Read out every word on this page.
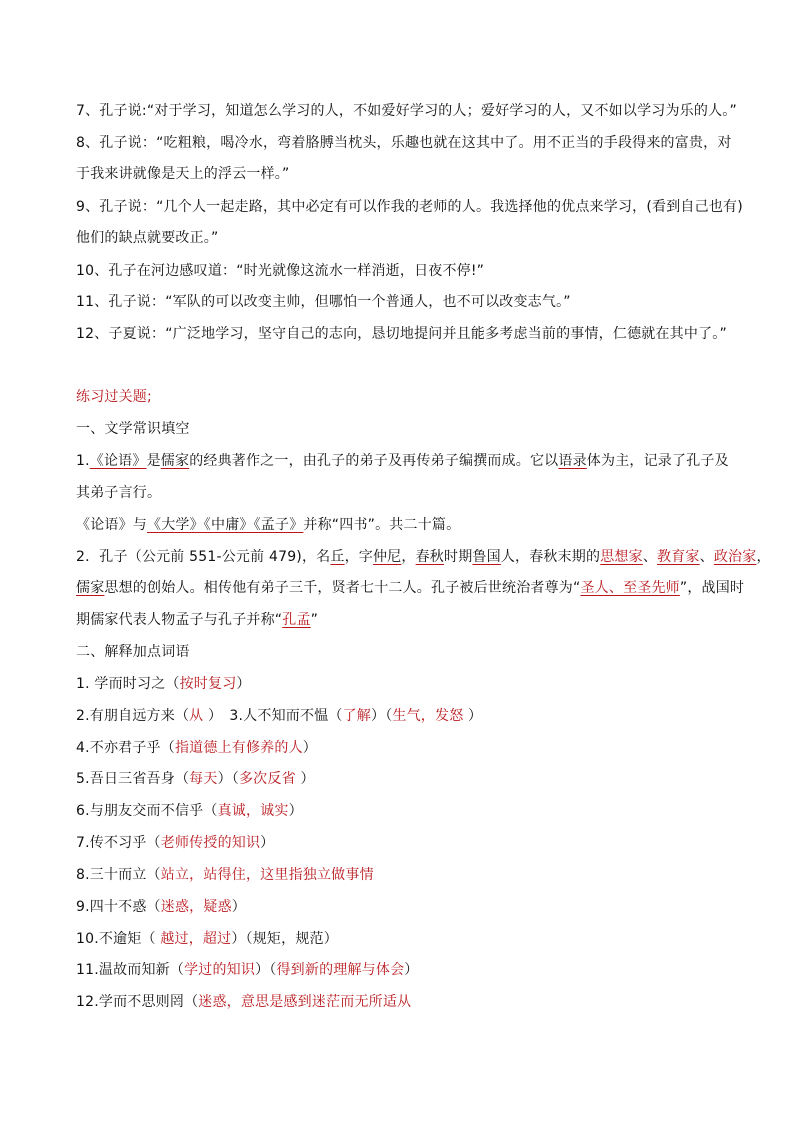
7、孔子说:“对于学习，知道怎么学习的人，不如爱好学习的人；爱好学习的人，又不如以学习为乐的人。”
8、孔子说：“吃粗粮，喝冷水，弯着胳膊当枕头，乐趣也就在这其中了。用不正当的手段得来的富贵，对
于我来讲就像是天上的浮云一样。”
9、孔子说：“几个人一起走路，其中必定有可以作我的老师的人。我选择他的优点来学习，(看到自己也有)
他们的缺点就要改正。”
10、孔子在河边感叹道：“时光就像这流水一样消逝，日夜不停!”
11、孔子说：“军队的可以改变主帅，但哪怕一个普通人，也不可以改变志气。”
12、子夏说：“广泛地学习，坚守自己的志向，恳切地提问并且能多考虑当前的事情，仁德就在其中了。”
练习过关题;
一、文学常识填空
1.《论语》是儒家的经典著作之一，由孔子的弟子及再传弟子编撰而成。它以语录体为主，记录了孔子及
其弟子言行。
《论语》与《大学》《中庸》《孟子》并称“四书”。共二十篇。
2．孔子（公元前 551-公元前 479)，名丘，字仲尼，春秋时期鲁国人，春秋末期的思想家、教育家、政治家，
儒家思想的创始人。相传他有弟子三千，贤者七十二人。孔子被后世统治者尊为“圣人、至圣先师”，战国时
期儒家代表人物孟子与孔子并称“孔孟”
二、解释加点词语
1. 学而时习之（按时复习）
2.有朋自远方来（从 ）　3.人不知而不愠（了解）（生气，发怒 ）
4.不亦君子乎（指道德上有修养的人）
5.吾日三省吾身（每天）（多次反省 ）
6.与朋友交而不信乎（真诚，诚实）
7.传不习乎（老师传授的知识）
8.三十而立（站立，站得住，这里指独立做事情
9.四十不惑（迷惑，疑惑）
10.不逾矩（ 越过，超过）（规矩，规范）
11.温故而知新（学过的知识）（得到新的理解与体会）
12.学而不思则罔（迷惑，意思是感到迷茫而无所适从
